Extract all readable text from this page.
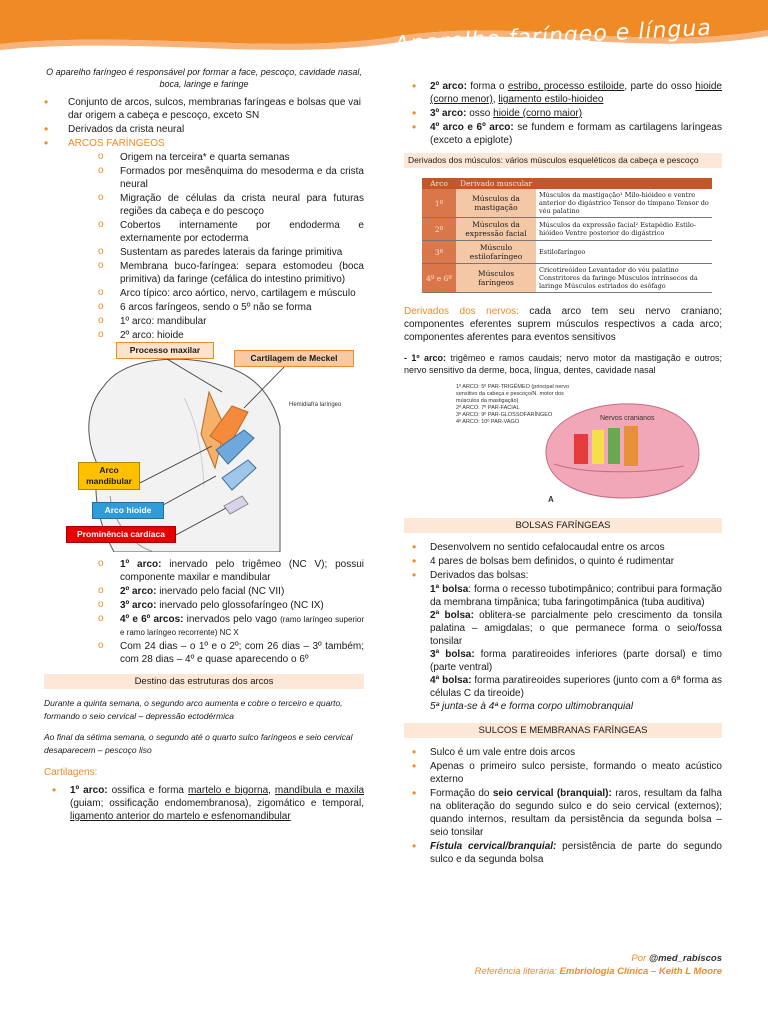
Aparelho faríngeo e língua

O aparelho faríngeo é responsável por formar a face, pescoço, cavidade nasal, boca, laringe e faringe

• Conjunto de arcos, sulcos, membranas faríngeas e bolsas que vai dar origem a cabeça e pescoço, exceto SN
• Derivados da crista neural
• ARCOS FARÍNGEOS
o Origem na terceira* e quarta semanas
o Formados por mesênquima do mesoderma e da crista neural
o Migração de células da crista neural para futuras regiões da cabeça e do pescoço
o Cobertos internamente por endoderma e externamente por ectoderma
o Sustentam as paredes laterais da faringe primitiva
o Membrana buco-faríngea: separa estomodeu (boca primitiva) da faringe (cefálica do intestino primitivo)
o Arco típico: arco aórtico, nervo, cartilagem e músculo
o 6 arcos faríngeos, sendo o 5º não se forma
o 1º arco: mandibular
o 2º arco: hioide
Hemidiafra laríngeo
Processo maxilar
Cartilagem de Meckel
Arco mandibular
Arco hioide
Prominência cardíaca
o 1º arco: inervado pelo trigêmeo (NC V); possui componente maxilar e mandibular
o 2º arco: inervado pelo facial (NC VII)
o 3º arco: inervado pelo glossofaríngeo (NC IX)
o 4º e 6º arcos: inervados pelo vago (ramo laríngeo superior e ramo laríngeo recorrente) NC X
o Com 24 dias – o 1º e o 2º; com 26 dias – 3º também; com 28 dias – 4º e quase aparecendo o 6º
Destino das estruturas dos arcos

Durante a quinta semana, o segundo arco aumenta e cobre o terceiro e quarto, formando o seio cervical – depressão ectodérmica

Ao final da sétima semana, o segundo até o quarto sulco faríngeos e seio cervical desaparecem – pescoço liso

Cartilagens:
• 1º arco: ossifica e forma martelo e bigorna, mandíbula e maxila (guiam; ossificação endomembranosa), zigomático e temporal, ligamento anterior do martelo e esfenomandibular
• 2º arco: forma o estribo, processo estiloide, parte do osso hioide (corno menor), ligamento estilo-hioideo
• 3º arco: osso hioide (corno maior)
• 4º arco e 6º arco: se fundem e formam as cartilagens laríngeas (exceto a epiglote)
Derivados dos músculos: vários músculos esqueléticos da cabeça e pescoço
Arco	Derivado muscular	
1º	Músculos da mastigação	Músculos da mastigação¹ Milo-hióideo e ventre anterior do digástrico Tensor do tímpano Tensor do véu palatino
2º	Músculos da expressão facial	Músculos da expressão facial² Estapédio Estilo-hióideo Ventre posterior do digástrico
3º	Músculo estilofaríngeo	Estilofaríngeo
4º e 6º	Músculos faríngeos	Cricotireóideo Levantador do véu palatino Constritores da faringe Músculos intrínsecos da laringe Músculos estriados do esôfago

Derivados dos nervos: cada arco tem seu nervo craniano; componentes eferentes suprem músculos respectivos a cada arco; componentes aferentes para eventos sensitivos

- 1º arco: trigêmeo e ramos caudais; nervo motor da mastigação e outros; nervo sensitivo da derme, boca, língua, dentes, cavidade nasal

1º ARCO: 5º PAR-TRIGÊMEO (principal nervo sensitivo da cabeça e pescoço/N. motor dos músculos da mastigação)
2º ARCO: 7º PAR-FACIAL
3º ARCO: 9º PAR-GLOSSOFARÍNGEO
4º ARCO: 10º PAR-VAGO	Nervos cranianos
A
BOLSAS FARÍNGEAS
• Desenvolvem no sentido cefalocaudal entre os arcos
• 4 pares de bolsas bem definidos, o quinto é rudimentar
• Derivados das bolsas:
1ª bolsa: forma o recesso tubotimpânico; contribui para formação da membrana timpânica; tuba faringotimpânica (tuba auditiva)
2ª bolsa: oblitera-se parcialmente pelo crescimento da tonsila palatina – amigdalas; o que permanece forma o seio/fossa tonsilar
3ª bolsa: forma paratireoides inferiores (parte dorsal) e timo (parte ventral)
4ª bolsa: forma paratireoides superiores (junto com a 6ª forma as células C da tireoide)
5ª junta-se à 4ª e forma corpo ultimobranquial
SULCOS E MEMBRANAS FARÍNGEAS
• Sulco é um vale entre dois arcos
• Apenas o primeiro sulco persiste, formando o meato acústico externo
• Formação do seio cervical (branquial): raros, resultam da falha na obliteração do segundo sulco e do seio cervical (externos); quando internos, resultam da persistência da segunda bolsa – seio tonsilar
• Fístula cervical/branquial: persistência de parte do segundo sulco e da segunda bolsa
Por @med_rabiscos
Referência literária: Embriologia Clínica – Keith L Moore
